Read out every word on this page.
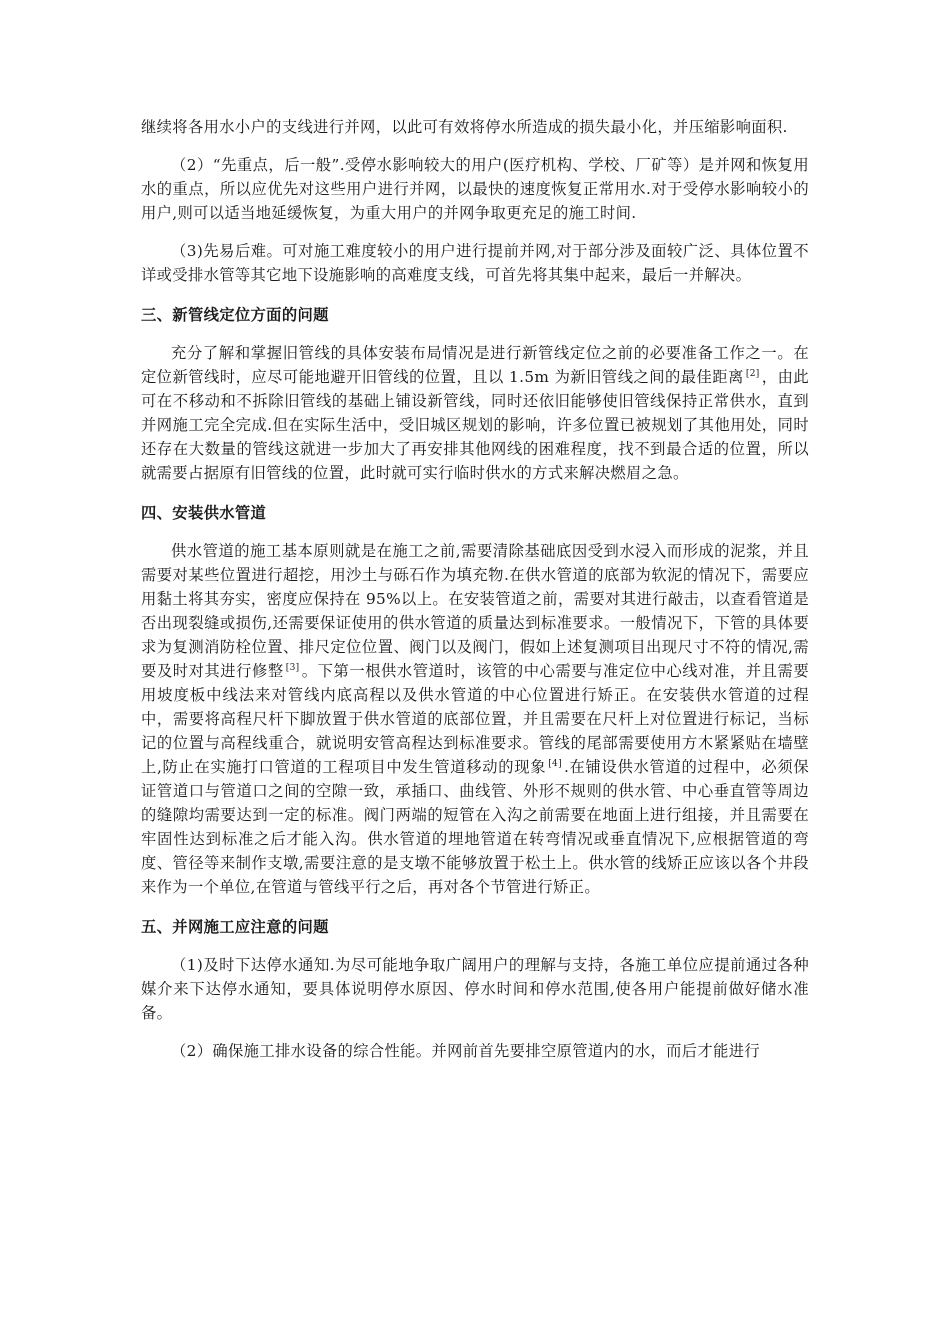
继续将各用水小户的支线进行并网，以此可有效将停水所造成的损失最小化，并压缩影响面积.

（2）“先重点，后一般”.受停水影响较大的用户(医疗机构、学校、厂矿等）是并网和恢复用水的重点，所以应优先对这些用户进行并网，以最快的速度恢复正常用水.对于受停水影响较小的用户,则可以适当地延缓恢复，为重大用户的并网争取更充足的施工时间.

（3)先易后难。可对施工难度较小的用户进行提前并网,对于部分涉及面较广泛、具体位置不详或受排水管等其它地下设施影响的高难度支线，可首先将其集中起来，最后一并解决。

三、新管线定位方面的问题

充分了解和掌握旧管线的具体安装布局情况是进行新管线定位之前的必要准备工作之一。在定位新管线时，应尽可能地避开旧管线的位置，且以 1.5m 为新旧管线之间的最佳距离 [2] ，由此可在不移动和不拆除旧管线的基础上铺设新管线，同时还依旧能够使旧管线保持正常供水，直到并网施工完全完成.但在实际生活中，受旧城区规划的影响，许多位置已被规划了其他用处，同时还存在大数量的管线这就进一步加大了再安排其他网线的困难程度，找不到最合适的位置，所以就需要占据原有旧管线的位置，此时就可实行临时供水的方式来解决燃眉之急。

四、安装供水管道

供水管道的施工基本原则就是在施工之前,需要清除基础底因受到水浸入而形成的泥浆，并且需要对某些位置进行超挖，用沙土与砾石作为填充物.在供水管道的底部为软泥的情况下，需要应用黏土将其夯实，密度应保持在 95%以上。在安装管道之前，需要对其进行敲击，以查看管道是否出现裂缝或损伤,还需要保证使用的供水管道的质量达到标准要求。一般情况下，下管的具体要求为复测消防栓位置、排尺定位位置、阀门以及阀门，假如上述复测项目出现尺寸不符的情况,需要及时对其进行修整 [3] 。下第一根供水管道时，该管的中心需要与准定位中心线对准，并且需要用坡度板中线法来对管线内底高程以及供水管道的中心位置进行矫正。在安装供水管道的过程中，需要将高程尺杆下脚放置于供水管道的底部位置，并且需要在尺杆上对位置进行标记，当标记的位置与高程线重合，就说明安管高程达到标准要求。管线的尾部需要使用方木紧紧贴在墙壁上,防止在实施打口管道的工程项目中发生管道移动的现象 [4] .在铺设供水管道的过程中，必须保证管道口与管道口之间的空隙一致，承插口、曲线管、外形不规则的供水管、中心垂直管等周边的缝隙均需要达到一定的标准。阀门两端的短管在入沟之前需要在地面上进行组接，并且需要在牢固性达到标准之后才能入沟。供水管道的埋地管道在转弯情况或垂直情况下,应根据管道的弯度、管径等来制作支墩,需要注意的是支墩不能够放置于松土上。供水管的线矫正应该以各个井段来作为一个单位,在管道与管线平行之后，再对各个节管进行矫正。

五、并网施工应注意的问题

（1)及时下达停水通知.为尽可能地争取广阔用户的理解与支持，各施工单位应提前通过各种媒介来下达停水通知，要具体说明停水原因、停水时间和停水范围,使各用户能提前做好储水准备。

（2）确保施工排水设备的综合性能。并网前首先要排空原管道内的水，而后才能进行
